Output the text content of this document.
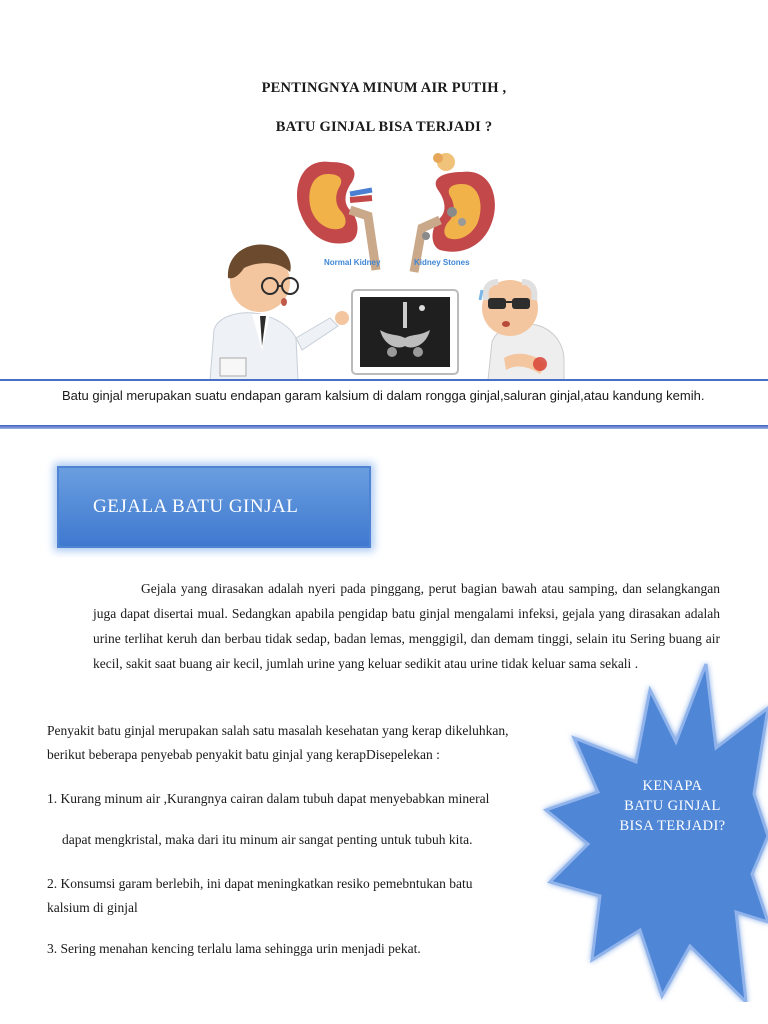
PENTINGNYA MINUM AIR PUTIH ,
BATU GINJAL BISA TERJADI ?
Normal Kidney	Kidney Stones
Batu ginjal merupakan suatu endapan garam kalsium di dalam rongga ginjal,saluran ginjal,atau kandung kemih.
GEJALA BATU GINJAL
Gejala yang dirasakan adalah nyeri pada pinggang, perut bagian bawah atau samping, dan selangkangan juga dapat disertai mual. Sedangkan apabila pengidap batu ginjal mengalami infeksi, gejala yang dirasakan adalah urine terlihat keruh dan berbau tidak sedap, badan lemas, menggigil, dan demam tinggi, selain itu Sering buang air kecil, sakit saat buang air kecil, jumlah urine yang keluar sedikit atau urine tidak keluar sama sekali .
Penyakit batu ginjal merupakan salah satu masalah kesehatan yang kerap dikeluhkan,
berikut beberapa penyebab penyakit batu ginjal yang kerapDisepelekan :
1. Kurang minum air ,Kurangnya cairan dalam tubuh dapat menyebabkan mineral
dapat mengkristal, maka dari itu minum air sangat penting untuk tubuh kita.
2. Konsumsi garam berlebih, ini dapat meningkatkan resiko pemebntukan batu
kalsium di ginjal
3. Sering menahan kencing terlalu lama sehingga urin menjadi pekat.
KENAPA
BATU GINJAL
BISA TERJADI?
